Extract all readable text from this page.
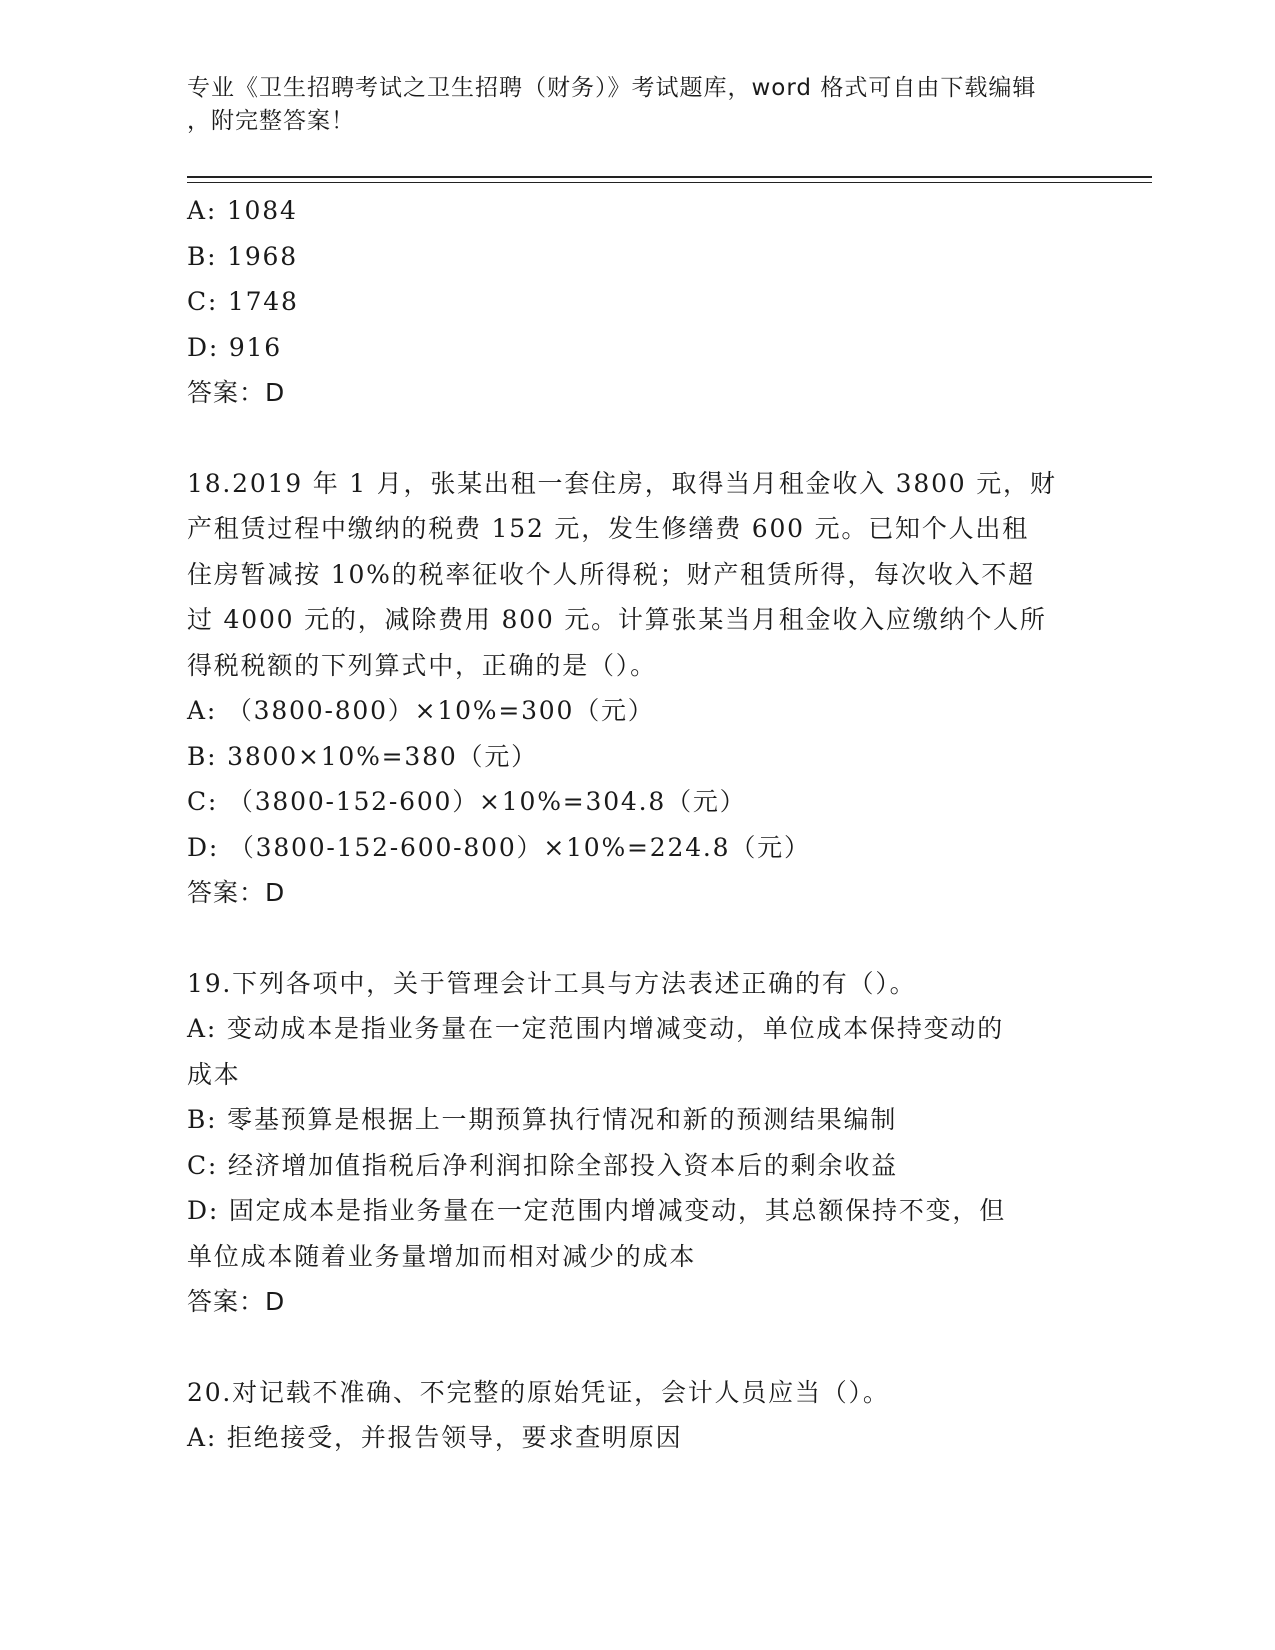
专业《卫生招聘考试之卫生招聘（财务）》考试题库，word 格式可自由下载编辑
，附完整答案！
A: 1084
B: 1968
C: 1748
D: 916
答案：D
18.2019 年 1 月，张某出租一套住房，取得当月租金收入 3800 元，财
产租赁过程中缴纳的税费 152 元，发生修缮费 600 元。已知个人出租
住房暂减按 10%的税率征收个人所得税；财产租赁所得，每次收入不超
过 4000 元的，减除费用 800 元。计算张某当月租金收入应缴纳个人所
得税税额的下列算式中，正确的是（）。
A: （3800-800）×10%=300（元）
B: 3800×10%=380（元）
C: （3800-152-600）×10%=304.8（元）
D: （3800-152-600-800）×10%=224.8（元）
答案：D
19.下列各项中，关于管理会计工具与方法表述正确的有（）。
A: 变动成本是指业务量在一定范围内增减变动，单位成本保持变动的
成本
B: 零基预算是根据上一期预算执行情况和新的预测结果编制
C: 经济增加值指税后净利润扣除全部投入资本后的剩余收益
D: 固定成本是指业务量在一定范围内增减变动，其总额保持不变，但
单位成本随着业务量增加而相对减少的成本
答案：D
20.对记载不准确、不完整的原始凭证，会计人员应当（）。
A: 拒绝接受，并报告领导，要求查明原因
